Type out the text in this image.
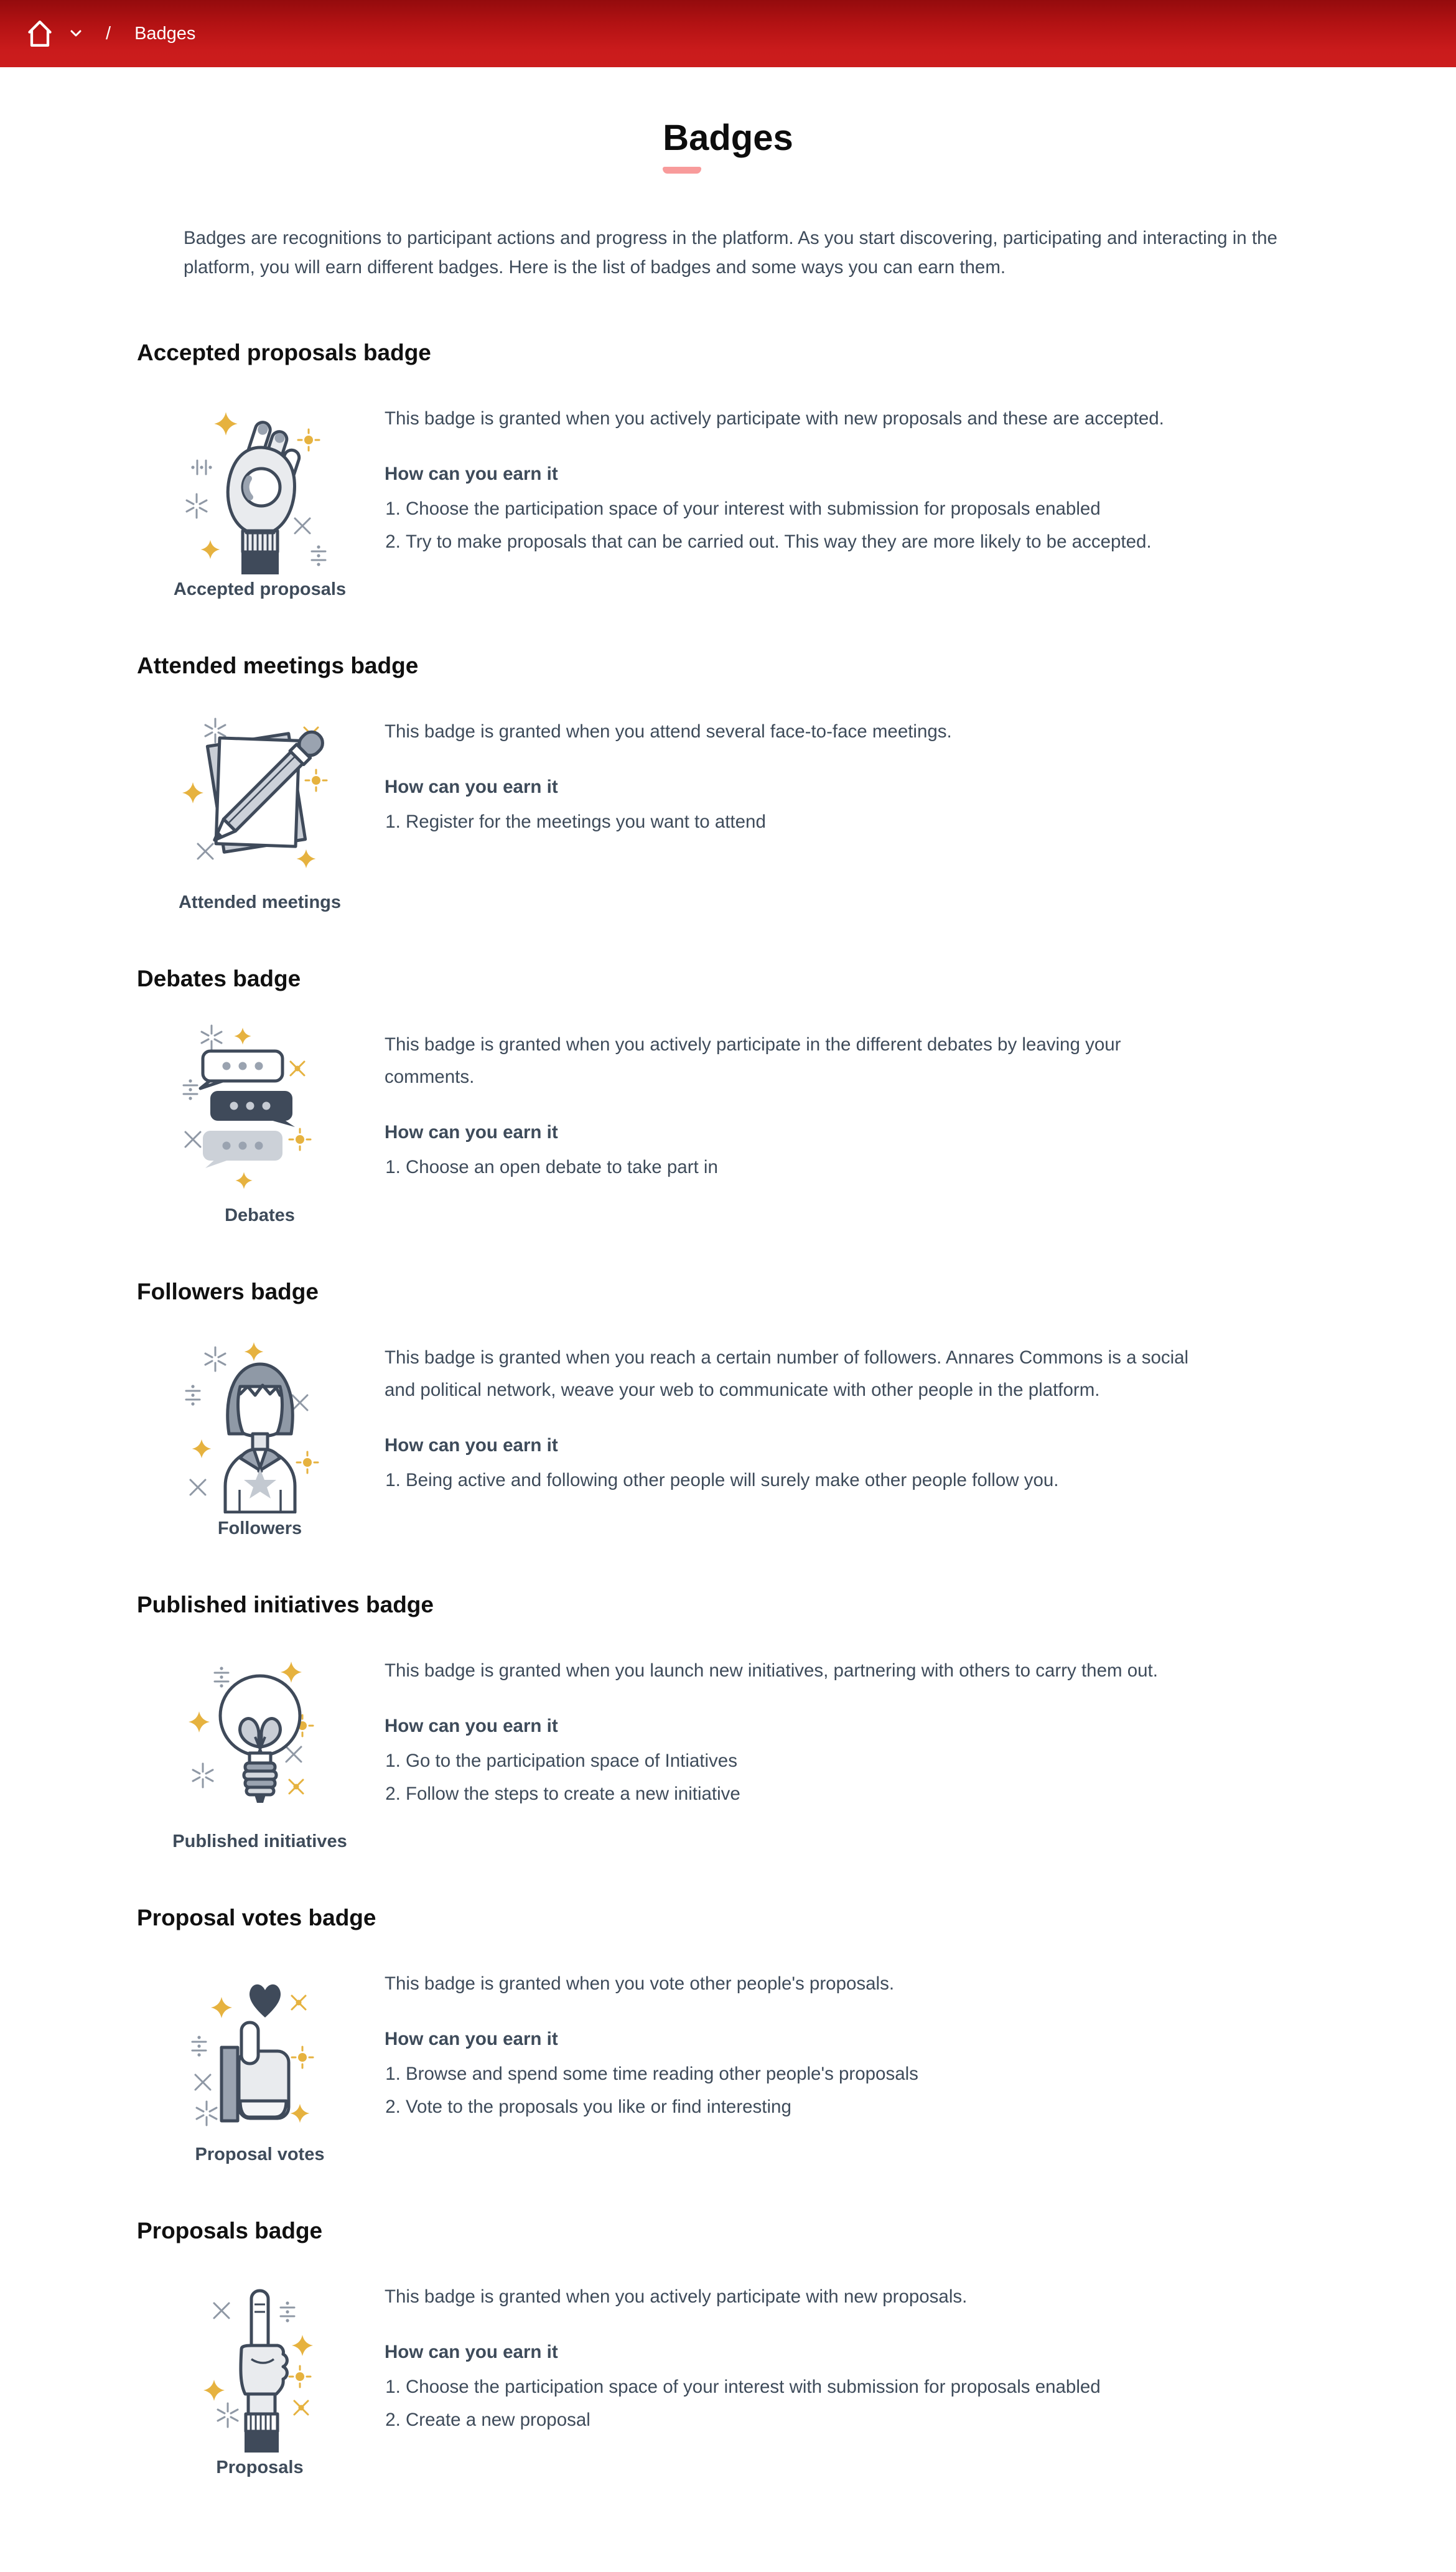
/ Badges
Badges

Badges are recognitions to participant actions and progress in the platform. As you start discovering, participating and interacting in the platform, you will earn different badges. Here is the list of badges and some ways you can earn them.

Accepted proposals badge
Accepted proposals

This badge is granted when you actively participate with new proposals and these are accepted.

How can you earn it

1. Choose the participation space of your interest with submission for proposals enabled
2. Try to make proposals that can be carried out. This way they are more likely to be accepted.
Attended meetings badge
Attended meetings

This badge is granted when you attend several face-to-face meetings.

How can you earn it

1. Register for the meetings you want to attend
Debates badge
Debates

This badge is granted when you actively participate in the different debates by leaving your comments.

How can you earn it

1. Choose an open debate to take part in
Followers badge
Followers

This badge is granted when you reach a certain number of followers. Annares Commons is a social and political network, weave your web to communicate with other people in the platform.

How can you earn it

1. Being active and following other people will surely make other people follow you.
Published initiatives badge
Published initiatives

This badge is granted when you launch new initiatives, partnering with others to carry them out.

How can you earn it

1. Go to the participation space of Intiatives
2. Follow the steps to create a new initiative
Proposal votes badge
Proposal votes

This badge is granted when you vote other people's proposals.

How can you earn it

1. Browse and spend some time reading other people's proposals
2. Vote to the proposals you like or find interesting
Proposals badge
Proposals

This badge is granted when you actively participate with new proposals.

How can you earn it

1. Choose the participation space of your interest with submission for proposals enabled
2. Create a new proposal
